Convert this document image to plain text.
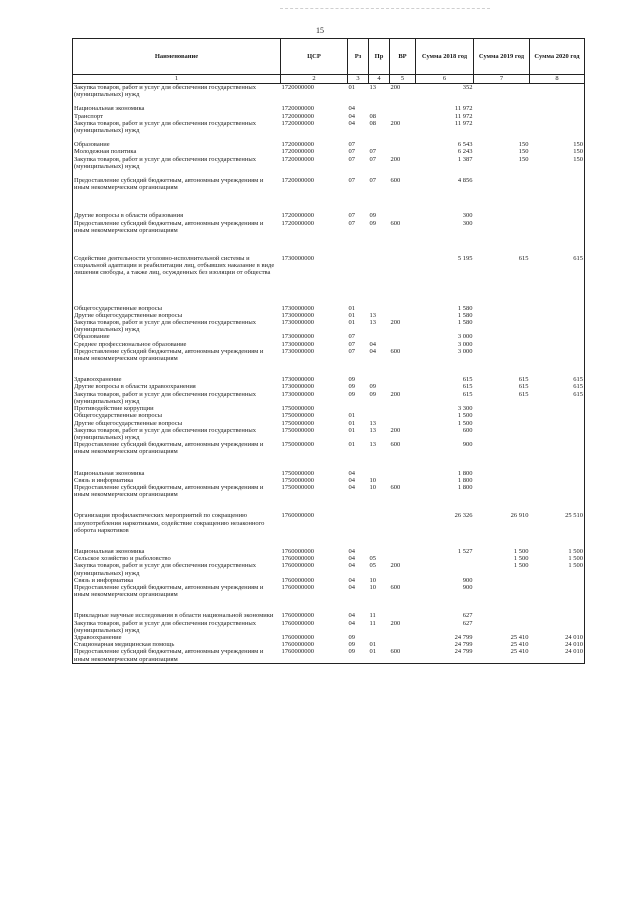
15
Наименование	ЦСР	Рз	Пр	ВР	Сумма 2018 год	Сумма 2019 год	Сумма 2020 год
1	2	3	4	5	6	7	8
Закупка товаров, работ и услуг для обеспечения государственных (муниципальных) нужд	1720000000	01	13	200	352		

Национальная экономика	1720000000	04			11 972		
Транспорт	1720000000	04	08		11 972		
Закупка товаров, работ и услуг для обеспечения государственных (муниципальных) нужд	1720000000	04	08	200	11 972		

Образование	1720000000	07			6 543	150	150
Молодежная политика	1720000000	07	07		6 243	150	150
Закупка товаров, работ и услуг для обеспечения государственных (муниципальных) нужд	1720000000	07	07	200	1 387	150	150

Предоставление субсидий бюджетным, автономным учреждениям и иным некоммерческим организациям	1720000000	07	07	600	4 856		

Другие вопросы в области образования	1720000000	07	09		300		
Предоставление субсидий бюджетным, автономным учреждениям и иным некоммерческим организациям	1720000000	07	09	600	300		

Содействие деятельности уголовно-исполнительной системы и социальной адаптации и реабилитации лиц, отбывших наказание в виде лишения свободы, а также лиц, осужденных без изоляции от общества	1730000000				5 195	615	615

Общегосударственные вопросы	1730000000	01			1 580		
Другие общегосударственные вопросы	1730000000	01	13		1 580		
Закупка товаров, работ и услуг для обеспечения государственных (муниципальных) нужд	1730000000	01	13	200	1 580		
Образование	1730000000	07			3 000		
Среднее профессиональное образование	1730000000	07	04		3 000		
Предоставление субсидий бюджетным, автономным учреждениям и иным некоммерческим организациям	1730000000	07	04	600	3 000		

Здравоохранение	1730000000	09			615	615	615
Другие вопросы в области здравоохранения	1730000000	09	09		615	615	615
Закупка товаров, работ и услуг для обеспечения государственных (муниципальных) нужд	1730000000	09	09	200	615	615	615
Противодействие коррупции	1750000000				3 300		
Общегосударственные вопросы	1750000000	01			1 500		
Другие общегосударственные вопросы	1750000000	01	13		1 500		
Закупка товаров, работ и услуг для обеспечения государственных (муниципальных) нужд	1750000000	01	13	200	600		
Предоставление субсидий бюджетным, автономным учреждениям и иным некоммерческим организациям	1750000000	01	13	600	900		

Национальная экономика	1750000000	04			1 800		
Связь и информатика	1750000000	04	10		1 800		
Предоставление субсидий бюджетным, автономным учреждениям и иным некоммерческим организациям	1750000000	04	10	600	1 800		

Организация профилактических мероприятий по сокращению злоупотребления наркотиками, содействие сокращению незаконного оборота наркотиков	1760000000				26 326	26 910	25 510

Национальная экономика	1760000000	04			1 527	1 500	1 500
Сельское хозяйство и рыболовство	1760000000	04	05			1 500	1 500
Закупка товаров, работ и услуг для обеспечения государственных (муниципальных) нужд	1760000000	04	05	200		1 500	1 500
Связь и информатика	1760000000	04	10		900		
Предоставление субсидий бюджетным, автономным учреждениям и иным некоммерческим организациям	1760000000	04	10	600	900		

Прикладные научные исследования в области национальной экономики	1760000000	04	11		627		
Закупка товаров, работ и услуг для обеспечения государственных (муниципальных) нужд	1760000000	04	11	200	627		
Здравоохранение	1760000000	09			24 799	25 410	24 010
Стационарная медицинская помощь	1760000000	09	01		24 799	25 410	24 010
Предоставление субсидий бюджетным, автономным учреждениям и иным некоммерческим организациям	1760000000	09	01	600	24 799	25 410	24 010
